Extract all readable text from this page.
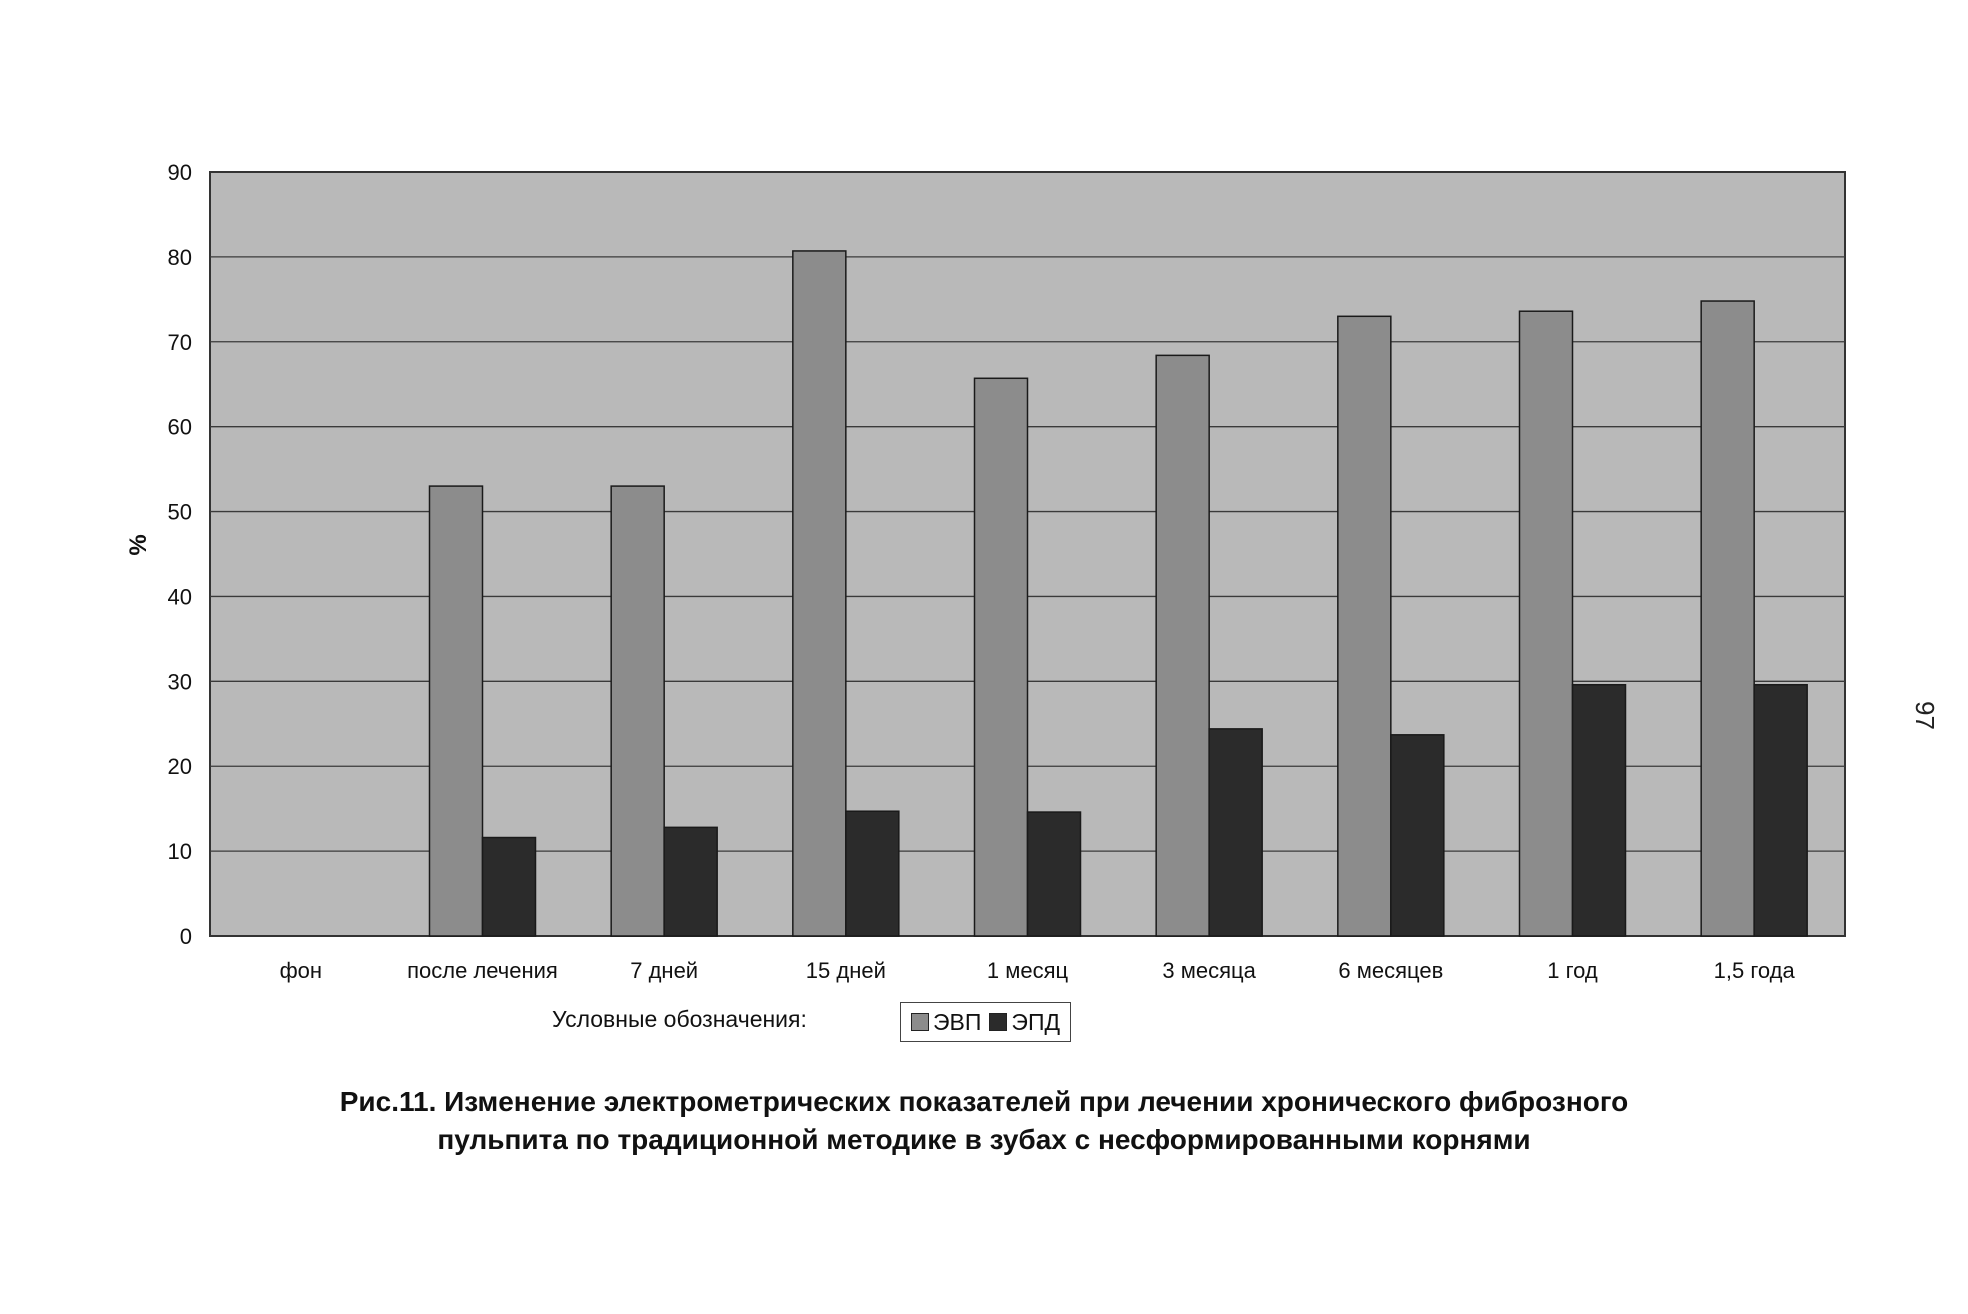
0
10
20
30
40
50
60
70
80
90
фон	после лечения	7 дней	15 дней	1 месяц	3 месяца	6 месяцев	1 год	1,5 года
%
Условные обозначения:	ЭВП ЭПД
Рис.11. Изменение электрометрических показателей при лечении хронического фиброзного
пульпита по традиционной методике в зубах с несформированными корнями
97
